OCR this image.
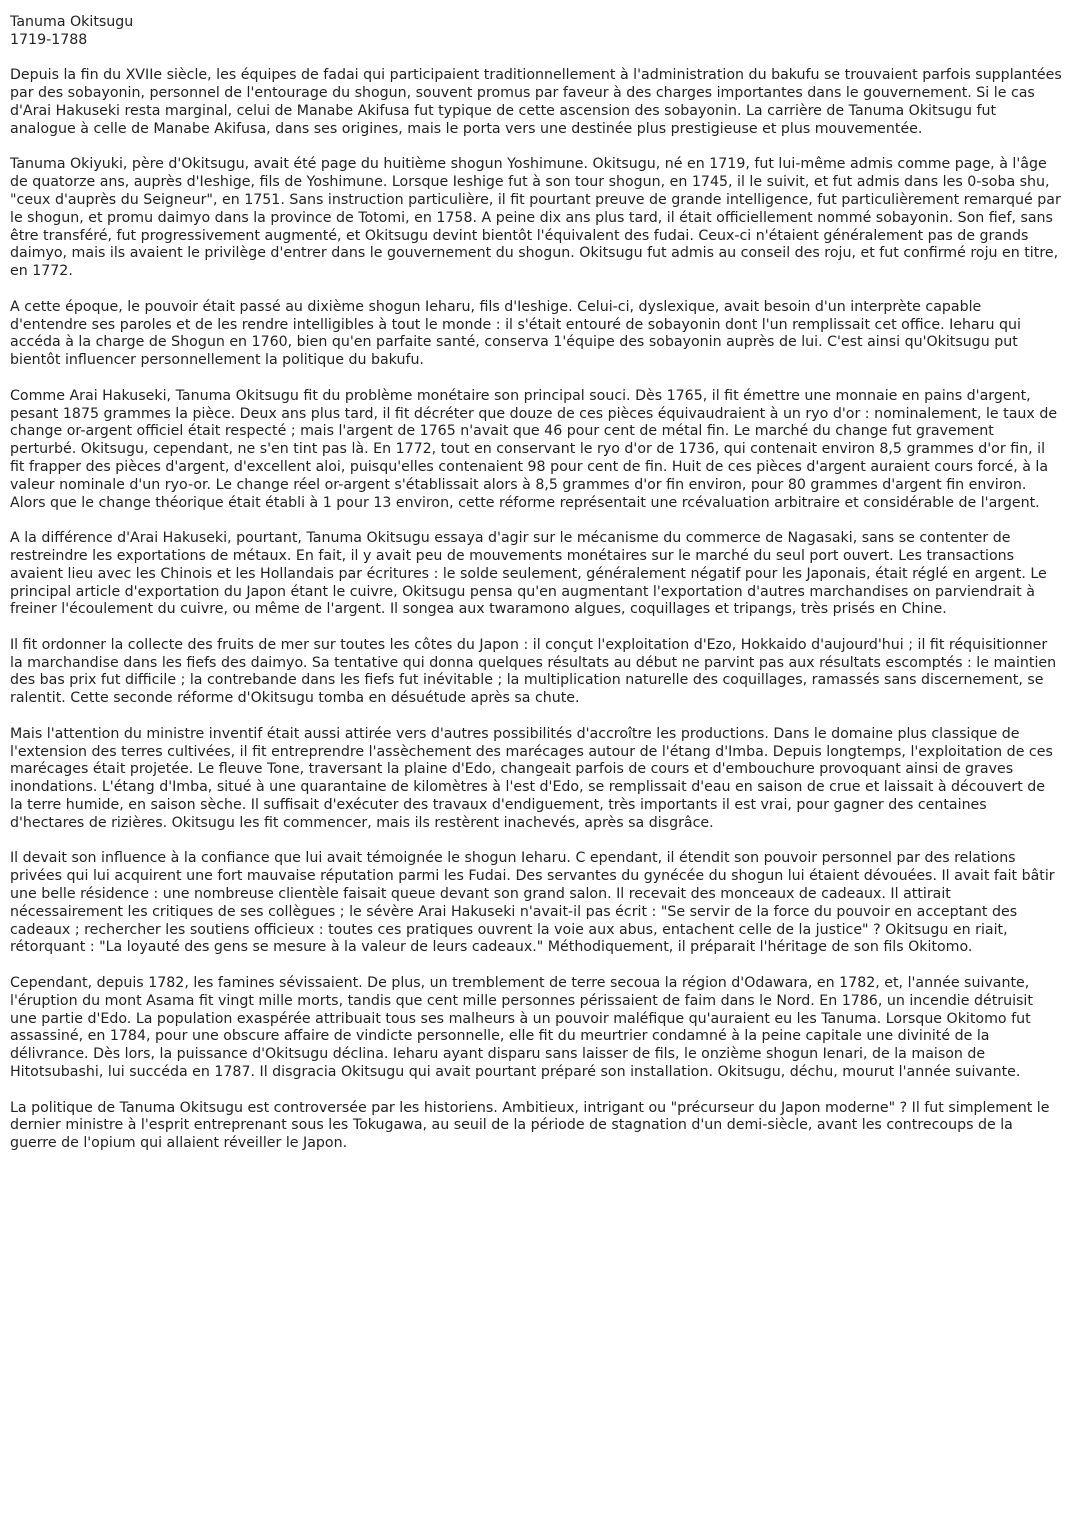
Tanuma Okitsugu
1719-1788

Depuis la fin du XVIIe siècle, les équipes de fadai qui participaient traditionnellement à l'administration du bakufu se trouvaient parfois supplantées par des sobayonin, personnel de l'entourage du shogun, souvent promus par faveur à des charges importantes dans le gouvernement. Si le cas d'Arai Hakuseki resta marginal, celui de Manabe Akifusa fut typique de cette ascension des sobayonin. La carrière de Tanuma Okitsugu fut analogue à celle de Manabe Akifusa, dans ses origines, mais le porta vers une destinée plus prestigieuse et plus mouvementée.

Tanuma Okiyuki, père d'Okitsugu, avait été page du huitième shogun Yoshimune. Okitsugu, né en 1719, fut lui-même admis comme page, à l'âge de quatorze ans, auprès d'Ieshige, fils de Yoshimune. Lorsque Ieshige fut à son tour shogun, en 1745, il le suivit, et fut admis dans les 0-soba shu, "ceux d'auprès du Seigneur", en 1751. Sans instruction particulière, il fit pourtant preuve de grande intelligence, fut particulièrement remarqué par le shogun, et promu daimyo dans la province de Totomi, en 1758. A peine dix ans plus tard, il était officiellement nommé sobayonin. Son fief, sans être transféré, fut progressivement augmenté, et Okitsugu devint bientôt l'équivalent des fudai. Ceux-ci n'étaient généralement pas de grands daimyo, mais ils avaient le privilège d'entrer dans le gouvernement du shogun. Okitsugu fut admis au conseil des roju, et fut confirmé roju en titre, en 1772.

A cette époque, le pouvoir était passé au dixième shogun Ieharu, fils d'Ieshige. Celui-ci, dyslexique, avait besoin d'un interprète capable d'entendre ses paroles et de les rendre intelligibles à tout le monde : il s'était entouré de sobayonin dont l'un remplissait cet office. Ieharu qui accéda à la charge de Shogun en 1760, bien qu'en parfaite santé, conserva 1'équipe des sobayonin auprès de lui. C'est ainsi qu'Okitsugu put bientôt influencer personnellement la politique du bakufu.

Comme Arai Hakuseki, Tanuma Okitsugu fit du problème monétaire son principal souci. Dès 1765, il fit émettre une monnaie en pains d'argent, pesant 1875 grammes la pièce. Deux ans plus tard, il fit décréter que douze de ces pièces équivaudraient à un ryo d'or : nominalement, le taux de change or-argent officiel était respecté ; mais l'argent de 1765 n'avait que 46 pour cent de métal fin. Le marché du change fut gravement perturbé. Okitsugu, cependant, ne s'en tint pas là. En 1772, tout en conservant le ryo d'or de 1736, qui contenait environ 8,5 grammes d'or fin, il fit frapper des pièces d'argent, d'excellent aloi, puisqu'elles contenaient 98 pour cent de fin. Huit de ces pièces d'argent auraient cours forcé, à la valeur nominale d'un ryo-or. Le change réel or-argent s'établissait alors à 8,5 grammes d'or fin environ, pour 80 grammes d'argent fin environ. Alors que le change théorique était établi à 1 pour 13 environ, cette réforme représentait une rcévaluation arbitraire et considérable de l'argent.

A la différence d'Arai Hakuseki, pourtant, Tanuma Okitsugu essaya d'agir sur le mécanisme du commerce de Nagasaki, sans se contenter de restreindre les exportations de métaux. En fait, il y avait peu de mouvements monétaires sur le marché du seul port ouvert. Les transactions avaient lieu avec les Chinois et les Hollandais par écritures : le solde seulement, généralement négatif pour les Japonais, était réglé en argent. Le principal article d'exportation du Japon étant le cuivre, Okitsugu pensa qu'en augmentant l'exportation d'autres marchandises on parviendrait à freiner l'écoulement du cuivre, ou même de l'argent. Il songea aux twaramono algues, coquillages et tripangs, très prisés en Chine.

Il fit ordonner la collecte des fruits de mer sur toutes les côtes du Japon : il conçut l'exploitation d'Ezo, Hokkaido d'aujourd'hui ; il fit réquisitionner la marchandise dans les fiefs des daimyo. Sa tentative qui donna quelques résultats au début ne parvint pas aux résultats escomptés : le maintien des bas prix fut difficile ; la contrebande dans les fiefs fut inévitable ; la multiplication naturelle des coquillages, ramassés sans discernement, se ralentit. Cette seconde réforme d'Okitsugu tomba en désuétude après sa chute.

Mais l'attention du ministre inventif était aussi attirée vers d'autres possibilités d'accroître les productions. Dans le domaine plus classique de l'extension des terres cultivées, il fit entreprendre l'assèchement des marécages autour de l'étang d'Imba. Depuis longtemps, l'exploitation de ces marécages était projetée. Le fleuve Tone, traversant la plaine d'Edo, changeait parfois de cours et d'embouchure provoquant ainsi de graves inondations. L'étang d'Imba, situé à une quarantaine de kilomètres à l'est d'Edo, se remplissait d'eau en saison de crue et laissait à découvert de la terre humide, en saison sèche. Il suffisait d'exécuter des travaux d'endiguement, très importants il est vrai, pour gagner des centaines d'hectares de rizières. Okitsugu les fit commencer, mais ils restèrent inachevés, après sa disgrâce.

Il devait son influence à la confiance que lui avait témoignée le shogun Ieharu. C ependant, il étendit son pouvoir personnel par des relations privées qui lui acquirent une fort mauvaise réputation parmi les Fudai. Des servantes du gynécée du shogun lui étaient dévouées. Il avait fait bâtir une belle résidence : une nombreuse clientèle faisait queue devant son grand salon. Il recevait des monceaux de cadeaux. Il attirait nécessairement les critiques de ses collègues ; le sévère Arai Hakuseki n'avait-il pas écrit : "Se servir de la force du pouvoir en acceptant des cadeaux ; rechercher les soutiens officieux : toutes ces pratiques ouvrent la voie aux abus, entachent celle de la justice" ? Okitsugu en riait, rétorquant : "La loyauté des gens se mesure à la valeur de leurs cadeaux." Méthodiquement, il préparait l'héritage de son fils Okitomo.

Cependant, depuis 1782, les famines sévissaient. De plus, un tremblement de terre secoua la région d'Odawara, en 1782, et, l'année suivante, l'éruption du mont Asama fit vingt mille morts, tandis que cent mille personnes périssaient de faim dans le Nord. En 1786, un incendie détruisit une partie d'Edo. La population exaspérée attribuait tous ses malheurs à un pouvoir maléfique qu'auraient eu les Tanuma. Lorsque Okitomo fut assassiné, en 1784, pour une obscure affaire de vindicte personnelle, elle fit du meurtrier condamné à la peine capitale une divinité de la délivrance. Dès lors, la puissance d'Okitsugu déclina. Ieharu ayant disparu sans laisser de fils, le onzième shogun Ienari, de la maison de Hitotsubashi, lui succéda en 1787. Il disgracia Okitsugu qui avait pourtant préparé son installation. Okitsugu, déchu, mourut l'année suivante.

La politique de Tanuma Okitsugu est controversée par les historiens. Ambitieux, intrigant ou "précurseur du Japon moderne" ? Il fut simplement le dernier ministre à l'esprit entreprenant sous les Tokugawa, au seuil de la période de stagnation d'un demi-siècle, avant les contrecoups de la guerre de l'opium qui allaient réveiller le Japon.
